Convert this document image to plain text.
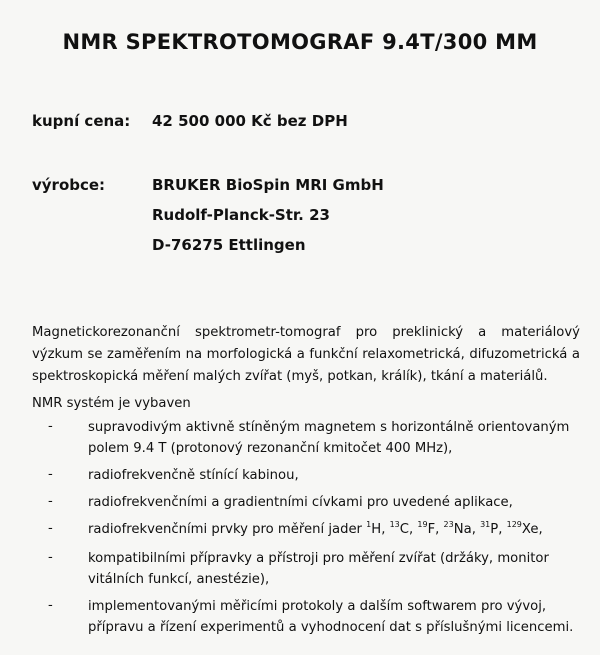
NMR SPEKTROTOMOGRAF 9.4T/300 MM
kupní cena: 42 500 000 Kč bez DPH
výrobce:	BRUKER BioSpin MRI GmbH
Rudolf-Planck-Str. 23
D-76275 Ettlingen
Magnetickorezonanční spektrometr-tomograf pro preklinický a materiálový výzkum se zaměřením na morfologická a funkční relaxometrická, difuzometrická a spektroskopická měření malých zvířat (myš, potkan, králík), tkání a materiálů.
NMR systém je vybaven
-	supravodivým aktivně stíněným magnetem s horizontálně orientovaným polem 9.4 T (protonový rezonanční kmitočet 400 MHz),
-	radiofrekvenčně stínící kabinou,
-	radiofrekvenčními a gradientními cívkami pro uvedené aplikace,
-	radiofrekvenčními prvky pro měření jader $^1$H, $^{13}$C, $^{19}$F, $^{23}$Na, $^{31}$P, $^{129}$Xe,
-	kompatibilními přípravky a přístroji pro měření zvířat (držáky, monitor vitálních funkcí, anestézie),
-	implementovanými měřicími protokoly a dalším softwarem pro vývoj, přípravu a řízení experimentů a vyhodnocení dat s příslušnými licencemi.
